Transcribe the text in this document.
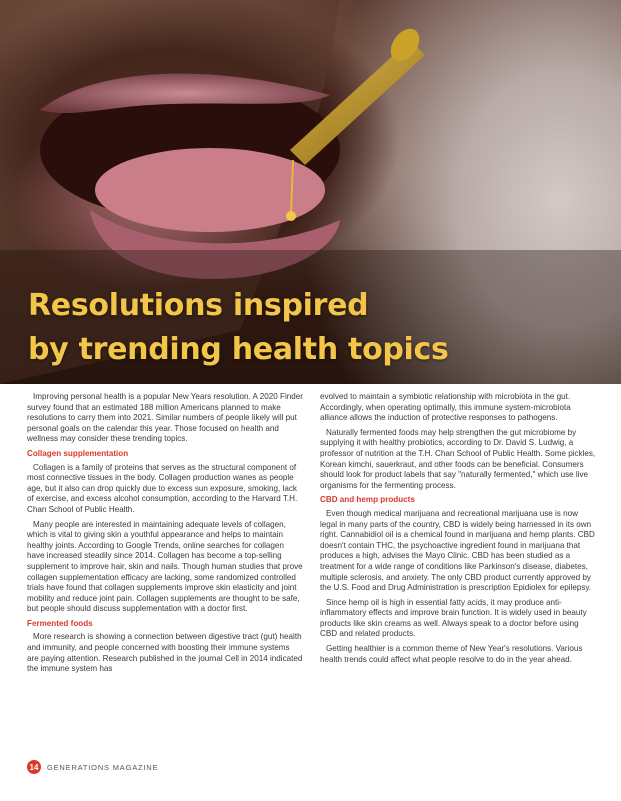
Resolutions inspired
by trending health topics

Improving personal health is a popular New Years resolution. A 2020 Finder survey found that an estimated 188 million Americans planned to make resolutions to carry them into 2021. Similar numbers of people likely will put personal goals on the calendar this year. Those focused on health and wellness may consider these trending topics.

Collagen supplementation

Collagen is a family of proteins that serves as the structural component of most connective tissues in the body. Collagen production wanes as people age, but it also can drop quickly due to excess sun exposure, smoking, lack of exercise, and excess alcohol consumption, according to the Harvard T.H. Chan School of Public Health.

Many people are interested in maintaining adequate levels of collagen, which is vital to giving skin a youthful appearance and helps to maintain healthy joints. According to Google Trends, online searches for collagen have increased steadily since 2014. Collagen has become a top-selling supplement to improve hair, skin and nails. Though human studies that prove collagen supplementation efficacy are lacking, some randomized controlled trials have found that collagen supplements improve skin elasticity and joint mobility and reduce joint pain. Collagen supplements are thought to be safe, but people should discuss supplementation with a doctor first.

Fermented foods

More research is showing a connection between digestive tract (gut) health and immunity, and people concerned with boosting their immune systems are paying attention. Research published in the journal Cell in 2014 indicated the immune system has

evolved to maintain a symbiotic relationship with microbiota in the gut. Accordingly, when operating optimally, this immune system-microbiota alliance allows the induction of protective responses to pathogens.

Naturally fermented foods may help strengthen the gut microbiome by supplying it with healthy probiotics, according to Dr. David S. Ludwig, a professor of nutrition at the T.H. Chan School of Public Health. Some pickles, Korean kimchi, sauerkraut, and other foods can be beneficial. Consumers should look for product labels that say "naturally fermented," which use live organisms for the fermenting process.

CBD and hemp products

Even though medical marijuana and recreational marijuana use is now legal in many parts of the country, CBD is widely being harnessed in its own right. Cannabidiol oil is a chemical found in marijuana and hemp plants. CBD doesn't contain THC, the psychoactive ingredient found in marijuana that produces a high, advises the Mayo Clinic. CBD has been studied as a treatment for a wide range of conditions like Parkinson's disease, diabetes, multiple sclerosis, and anxiety. The only CBD product currently approved by the U.S. Food and Drug Administration is prescription Epidiolex for epilepsy.

Since hemp oil is high in essential fatty acids, it may produce anti-inflammatory effects and improve brain function. It is widely used in beauty products like skin creams as well. Always speak to a doctor before using CBD and related products.

Getting healthier is a common theme of New Year's resolutions. Various health trends could affect what people resolve to do in the year ahead.

14	GENERATIONS MAGAZINE
